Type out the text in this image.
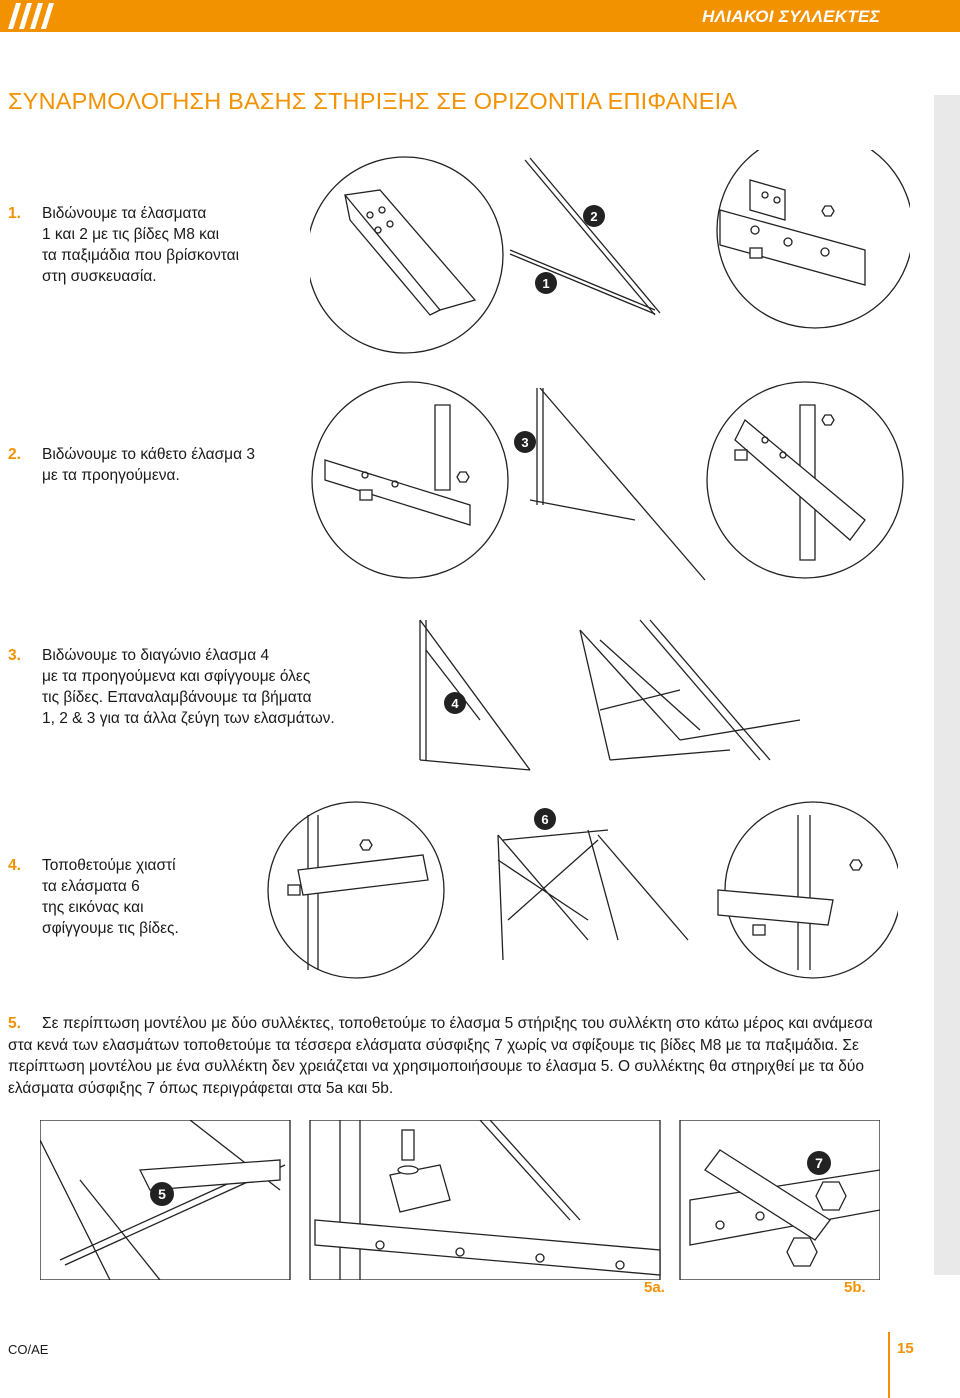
ΗΛΙΑΚΟΙ ΣΥΛΛΕΚΤΕΣ
ΣΥΝΑΡΜΟΛΟΓΗΣΗ ΒΑΣΗΣ ΣΤΗΡΙΞΗΣ ΣΕ ΟΡΙΖΟΝΤΙΑ ΕΠΙΦΑΝΕΙΑ
1. Βιδώνουμε τα έλασματα
1 και 2 με τις βίδες M8 και
τα παξιμάδια που βρίσκονται
στη συσκευασία.
2. Βιδώνουμε το κάθετο έλασμα 3
με τα προηγούμενα.
3. Βιδώνουμε το διαγώνιο έλασμα 4
με τα προηγούμενα και σφίγγουμε όλες
τις βίδες. Επαναλαμβάνουμε τα βήματα
1, 2 & 3 για τα άλλα ζεύγη των ελασμάτων.
4. Τοποθετούμε χιαστί
τα ελάσματα 6
της εικόνας και
σφίγγουμε τις βίδες.
5.	Σε περίπτωση μοντέλου με δύο συλλέκτες, τοποθετούμε το έλασμα 5 στήριξης του συλλέκτη στο κάτω μέρος και ανάμεσα στα κενά των ελασμάτων τοποθετούμε τα τέσσερα ελάσματα σύσφιξης 7 χωρίς να σφίξουμε τις βίδες M8 με τα παξιμάδια. Σε περίπτωση μοντέλου με ένα συλλέκτη δεν χρειάζεται να χρησιμοποιήσουμε το έλασμα 5. Ο συλλέκτης θα στηριχθεί με τα δύο ελάσματα σύσφιξης 7 όπως περιγράφεται στα 5a και 5b.
2
1
3
4
6
5
7
5a.	5b.
CO/AE	15
